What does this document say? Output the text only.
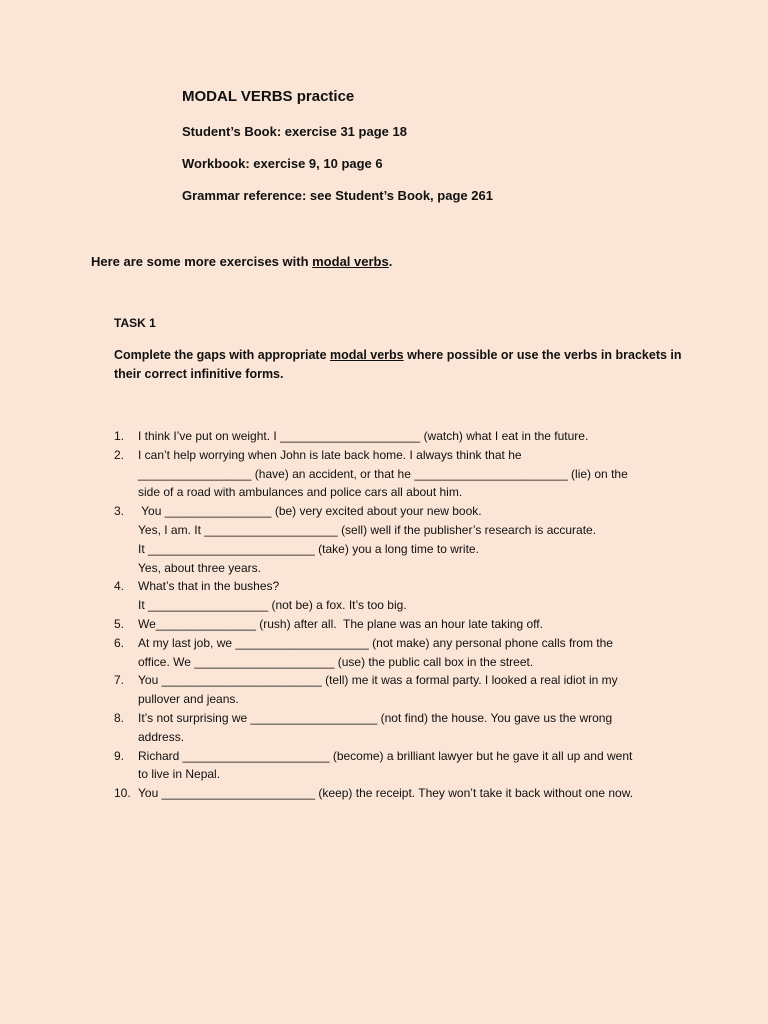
MODAL VERBS practice
Student’s Book: exercise 31 page 18
Workbook: exercise 9, 10 page 6
Grammar reference: see Student’s Book, page 261
Here are some more exercises with modal verbs.
TASK 1
Complete the gaps with appropriate modal verbs where possible or use the verbs in brackets in their correct infinitive forms.
1. I think I’ve put on weight. I _____________________ (watch) what I eat in the future.
2. I can’t help worrying when John is late back home. I always think that he
_________________ (have) an accident, or that he _______________________ (lie) on the
side of a road with ambulances and police cars all about him.
3. You ________________ (be) very excited about your new book.
Yes, I am. It ____________________ (sell) well if the publisher’s research is accurate.
It _________________________ (take) you a long time to write.
Yes, about three years.
4. What’s that in the bushes?
It __________________ (not be) a fox. It’s too big.
5. We_______________ (rush) after all.  The plane was an hour late taking off.
6. At my last job, we ____________________ (not make) any personal phone calls from the
office. We _____________________ (use) the public call box in the street.
7. You ________________________ (tell) me it was a formal party. I looked a real idiot in my
pullover and jeans.
8. It’s not surprising we ___________________ (not find) the house. You gave us the wrong
address.
9. Richard ______________________ (become) a brilliant lawyer but he gave it all up and went
to live in Nepal.
10. You _______________________ (keep) the receipt. They won’t take it back without one now.
